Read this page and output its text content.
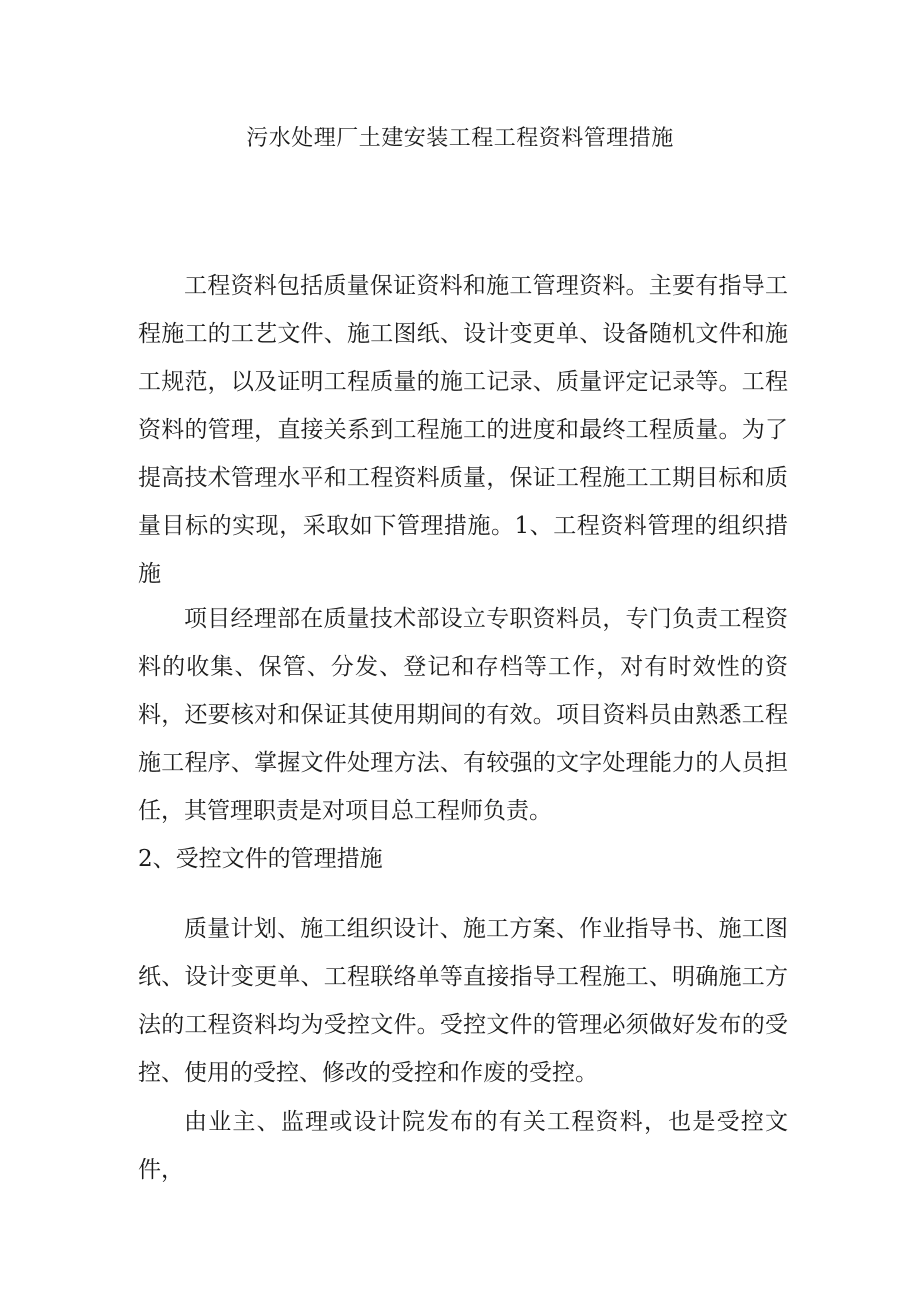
污水处理厂土建安装工程工程资料管理措施

工程资料包括质量保证资料和施工管理资料。主要有指导工程施工的工艺文件、施工图纸、设计变更单、设备随机文件和施工规范，以及证明工程质量的施工记录、质量评定记录等。工程资料的管理，直接关系到工程施工的进度和最终工程质量。为了提高技术管理水平和工程资料质量，保证工程施工工期目标和质量目标的实现，采取如下管理措施。1、工程资料管理的组织措施

项目经理部在质量技术部设立专职资料员，专门负责工程资料的收集、保管、分发、登记和存档等工作，对有时效性的资料，还要核对和保证其使用期间的有效。项目资料员由熟悉工程施工程序、掌握文件处理方法、有较强的文字处理能力的人员担任，其管理职责是对项目总工程师负责。

2、受控文件的管理措施

质量计划、施工组织设计、施工方案、作业指导书、施工图纸、设计变更单、工程联络单等直接指导工程施工、明确施工方法的工程资料均为受控文件。受控文件的管理必须做好发布的受控、使用的受控、修改的受控和作废的受控。

由业主、监理或设计院发布的有关工程资料，也是受控文件，
